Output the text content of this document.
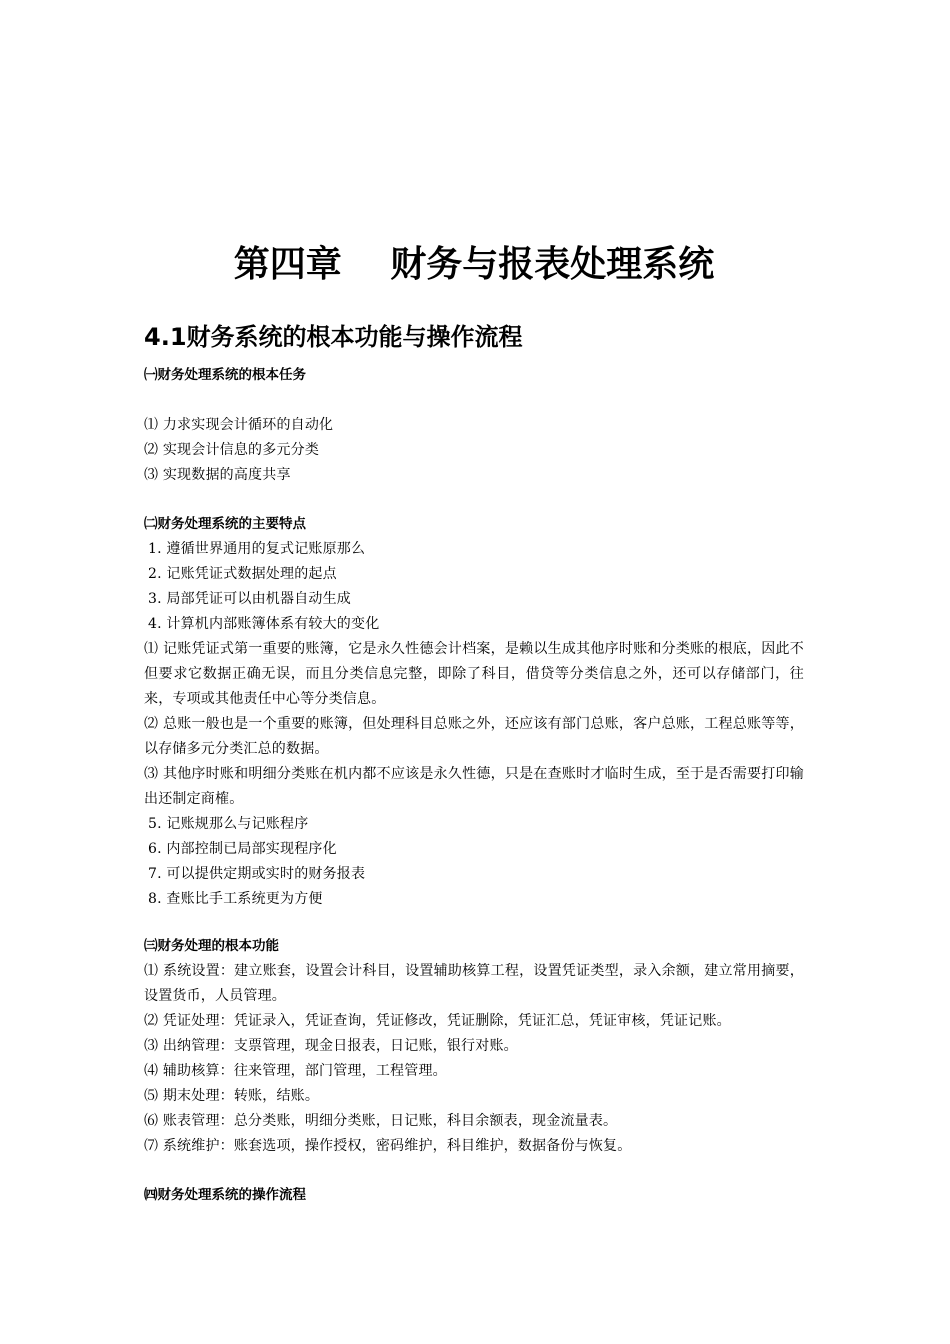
第四章　 财务与报表处理系统
4.1财务系统的根本功能与操作流程
㈠财务处理系统的根本任务
⑴ 力求实现会计循环的自动化
⑵ 实现会计信息的多元分类
⑶ 实现数据的高度共享
㈡财务处理系统的主要特点
1. 遵循世界通用的复式记账原那么
2. 记账凭证式数据处理的起点
3. 局部凭证可以由机器自动生成
4. 计算机内部账簿体系有较大的变化
⑴ 记账凭证式第一重要的账簿，它是永久性德会计档案，是赖以生成其他序时账和分类账的根底，因此不但要求它数据正确无误，而且分类信息完整，即除了科目，借贷等分类信息之外，还可以存储部门，往来，专项或其他责任中心等分类信息。
⑵ 总账一般也是一个重要的账簿，但处理科目总账之外，还应该有部门总账，客户总账，工程总账等等，以存储多元分类汇总的数据。
⑶ 其他序时账和明细分类账在机内都不应该是永久性德，只是在查账时才临时生成，至于是否需要打印输出还制定商榷。
5. 记账规那么与记账程序
6. 内部控制已局部实现程序化
7. 可以提供定期或实时的财务报表
8. 查账比手工系统更为方便
㈢财务处理的根本功能
⑴ 系统设置：建立账套，设置会计科目，设置辅助核算工程，设置凭证类型，录入余额，建立常用摘要，设置货币，人员管理。
⑵ 凭证处理：凭证录入，凭证查询，凭证修改，凭证删除，凭证汇总，凭证审核，凭证记账。
⑶ 出纳管理：支票管理，现金日报表，日记账，银行对账。
⑷ 辅助核算：往来管理，部门管理，工程管理。
⑸ 期末处理：转账，结账。
⑹ 账表管理：总分类账，明细分类账，日记账，科目余额表，现金流量表。
⑺ 系统维护：账套选项，操作授权，密码维护，科目维护，数据备份与恢复。
㈣财务处理系统的操作流程
